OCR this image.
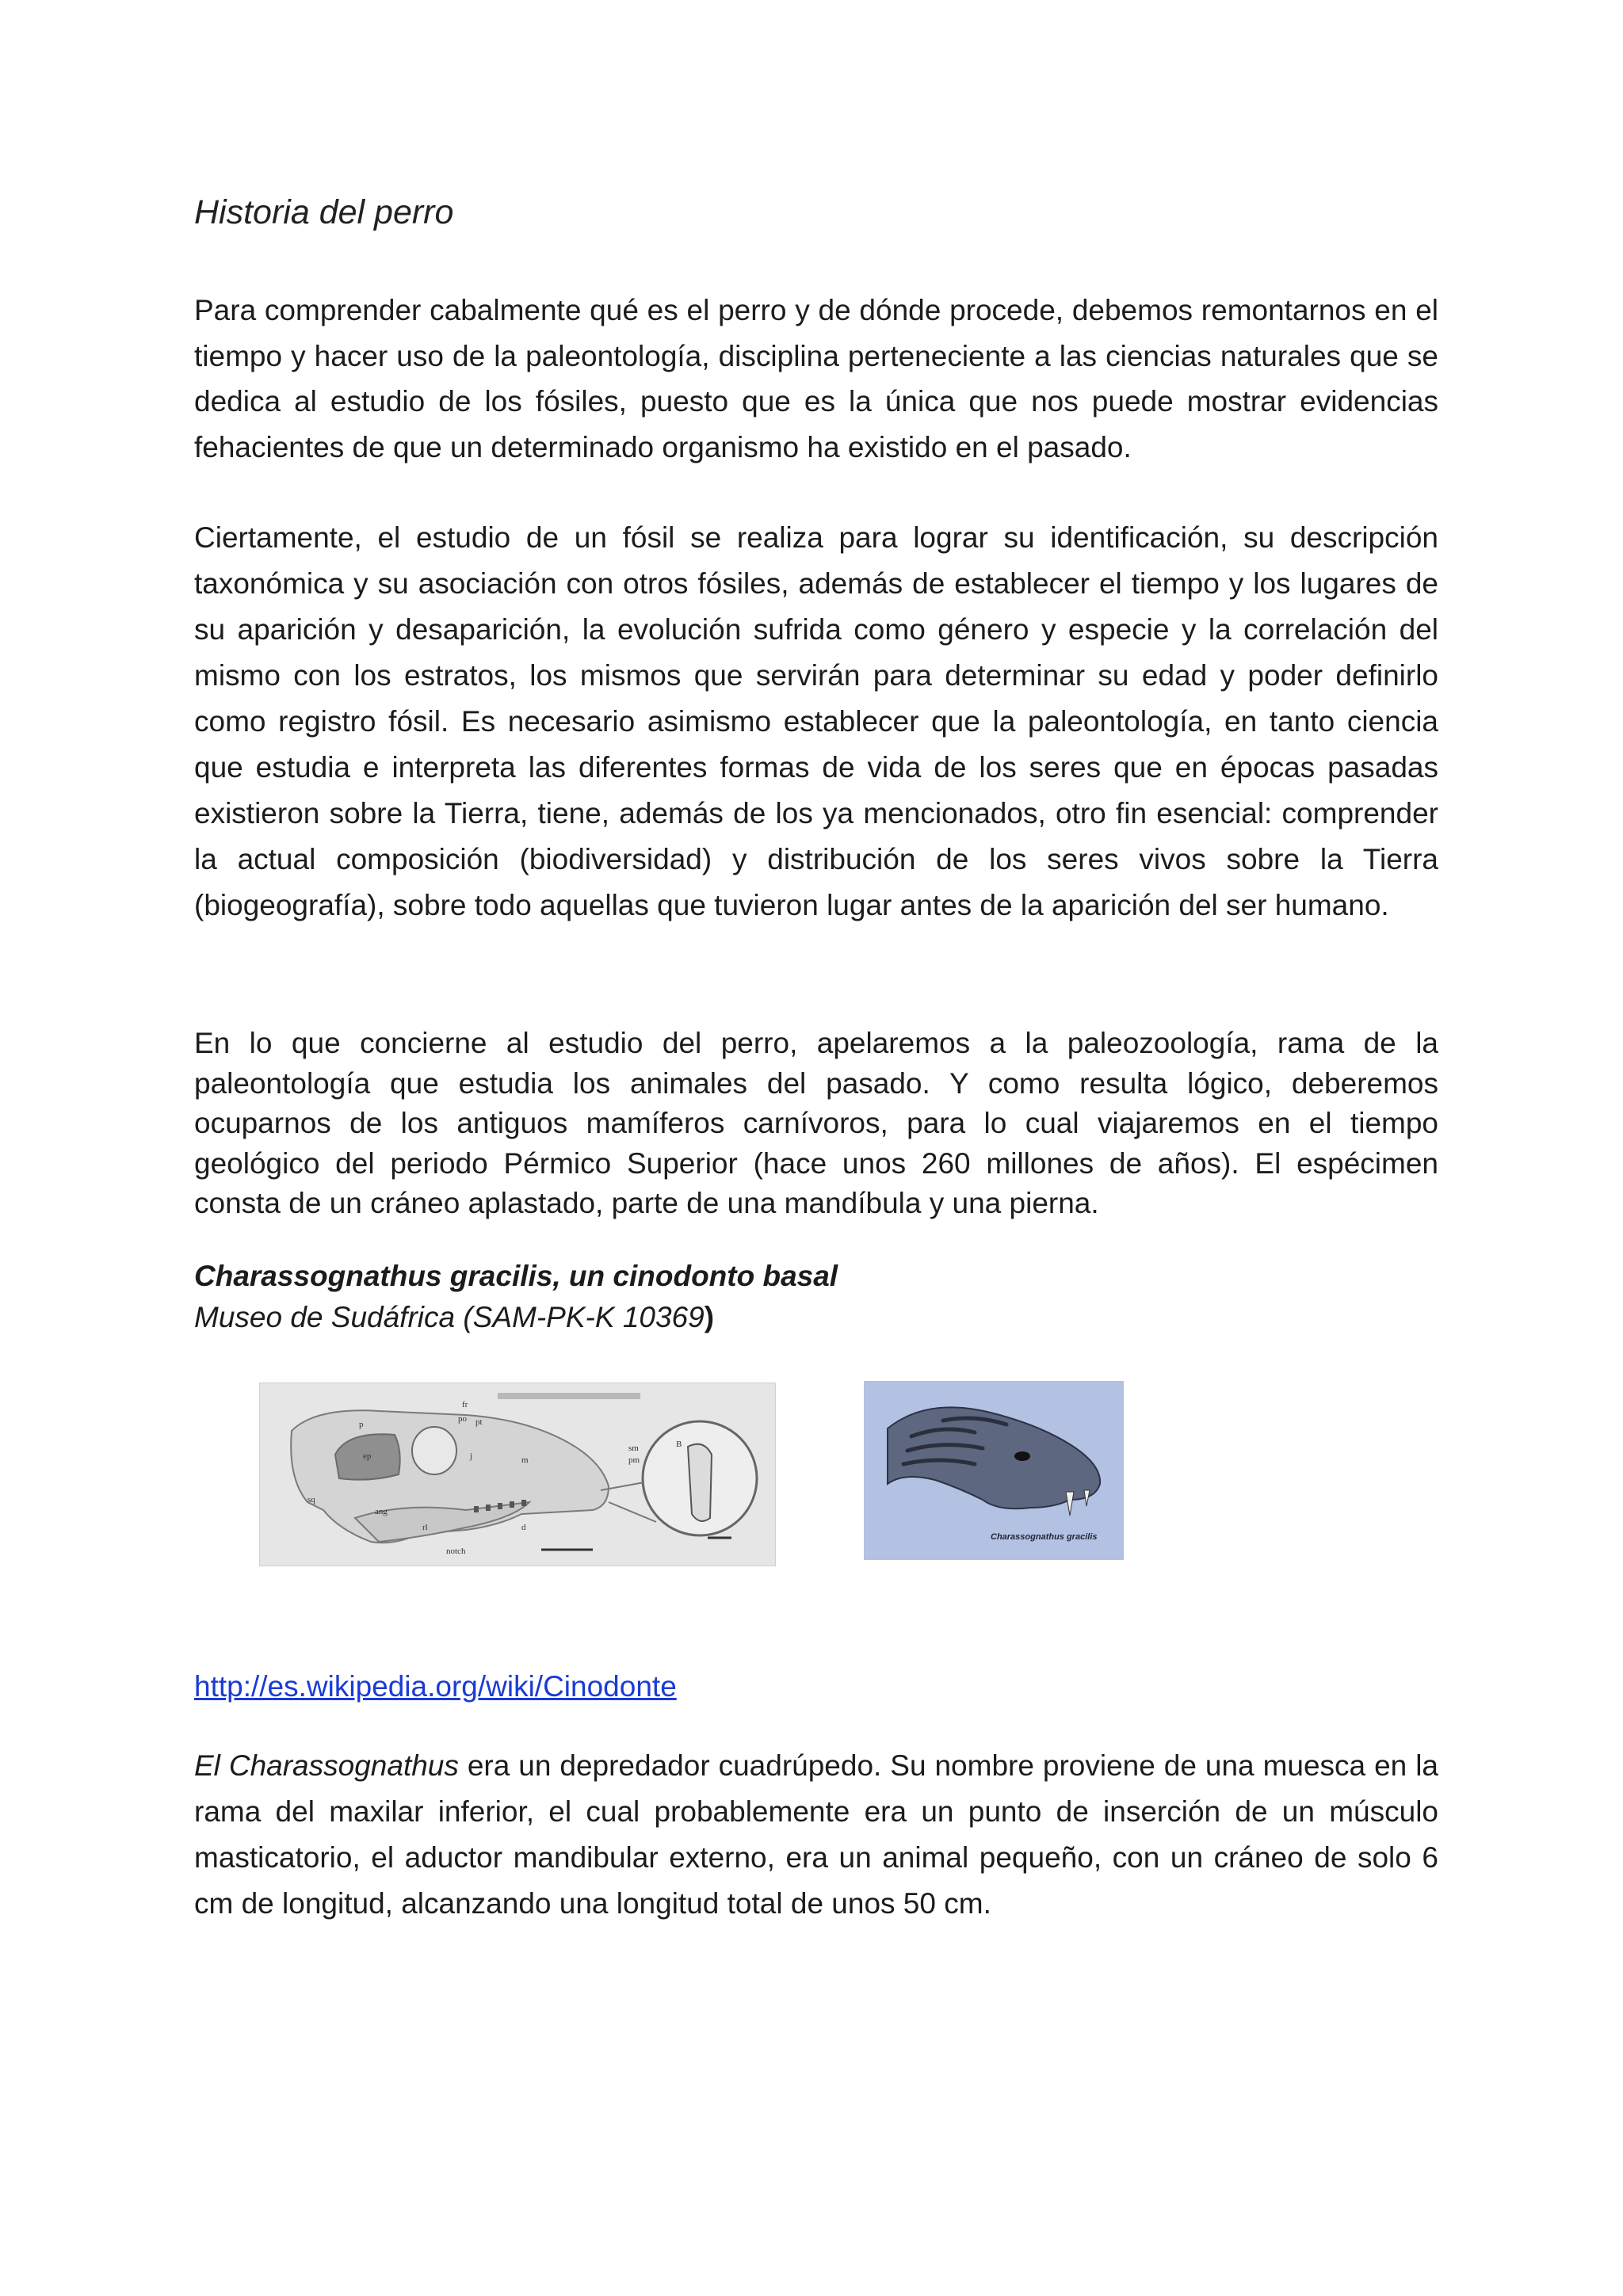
Historia del perro

Para comprender cabalmente qué es el perro y de dónde procede, debemos remontarnos en el tiempo y hacer uso de la paleontología, disciplina perteneciente a las ciencias naturales que se dedica al estudio de los fósiles, puesto que es la única que nos puede mostrar evidencias fehacientes de que un determinado organismo ha existido en el pasado.

Ciertamente, el estudio de un fósil se realiza para lograr su identificación, su descripción taxonómica y su asociación con otros fósiles, además de establecer el tiempo y los lugares de su aparición y desaparición, la evolución sufrida como género y especie y la correlación del mismo con los estratos, los mismos que servirán para determinar su edad y poder definirlo como registro fósil. Es necesario asimismo establecer que la paleontología, en tanto ciencia que estudia e interpreta las diferentes formas de vida de los seres que en épocas pasadas existieron sobre la Tierra, tiene, además de los ya mencionados, otro fin esencial: comprender la actual composición (biodiversidad) y distribución de los seres vivos sobre la Tierra (biogeografía), sobre todo aquellas que tuvieron lugar antes de la aparición del ser humano.

En lo que concierne al estudio del perro, apelaremos a la paleozoología, rama de la paleontología que estudia los animales del pasado. Y como resulta lógico, deberemos ocuparnos de los antiguos mamíferos carnívoros, para lo cual viajaremos en el tiempo geológico del periodo Pérmico Superior (hace unos 260 millones de años). El espécimen consta de un cráneo aplastado, parte de una mandíbula y una pierna.

Charassognathus gracilis, un cinodonto basal

Museo de Sudáfrica (SAM-PK-K 10369)

fr
po pt
p
ep	j	m
sm
pm
B
sq
ang
rl	d
notch
Charassognathus gracilis

http://es.wikipedia.org/wiki/Cinodonte

El Charassognathus era un depredador cuadrúpedo. Su nombre proviene de una muesca en la rama del maxilar inferior, el cual probablemente era un punto de inserción de un músculo masticatorio, el aductor mandibular externo, era un animal pequeño, con un cráneo de solo 6 cm de longitud, alcanzando una longitud total de unos 50 cm.
